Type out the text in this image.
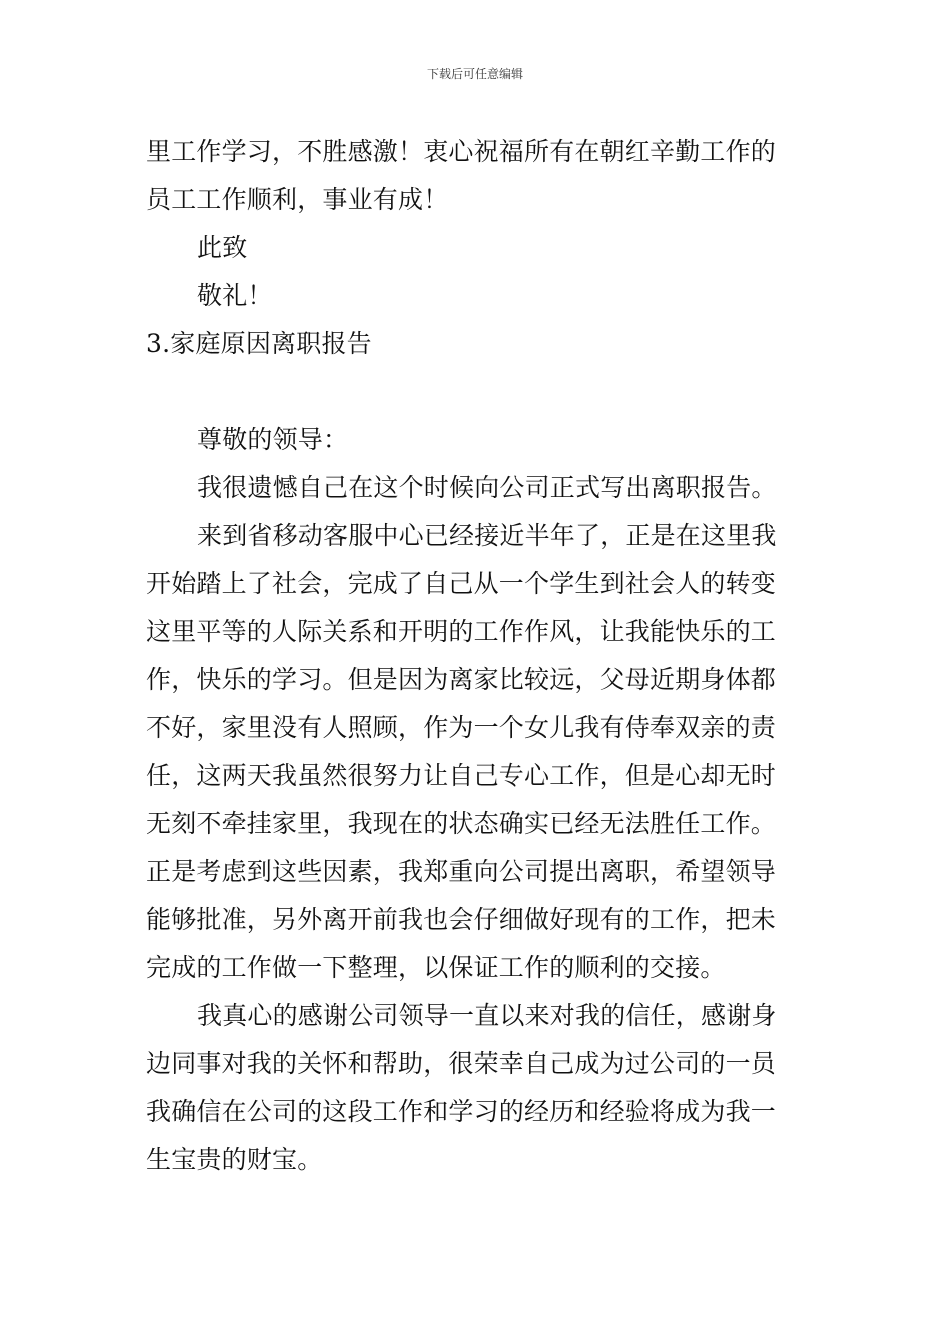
下载后可任意编辑
里工作学习，不胜感激！衷心祝福所有在朝红辛勤工作的
员工工作顺利，事业有成！
此致
敬礼！
3.家庭原因离职报告
尊敬的领导：
我很遗憾自己在这个时候向公司正式写出离职报告。
来到省移动客服中心已经接近半年了，正是在这里我
开始踏上了社会，完成了自己从一个学生到社会人的转变
这里平等的人际关系和开明的工作作风，让我能快乐的工
作，快乐的学习。但是因为离家比较远，父母近期身体都
不好，家里没有人照顾，作为一个女儿我有侍奉双亲的责
任，这两天我虽然很努力让自己专心工作，但是心却无时
无刻不牵挂家里，我现在的状态确实已经无法胜任工作。
正是考虑到这些因素，我郑重向公司提出离职，希望领导
能够批准，另外离开前我也会仔细做好现有的工作，把未
完成的工作做一下整理，以保证工作的顺利的交接。
我真心的感谢公司领导一直以来对我的信任，感谢身
边同事对我的关怀和帮助，很荣幸自己成为过公司的一员
我确信在公司的这段工作和学习的经历和经验将成为我一
生宝贵的财宝。
